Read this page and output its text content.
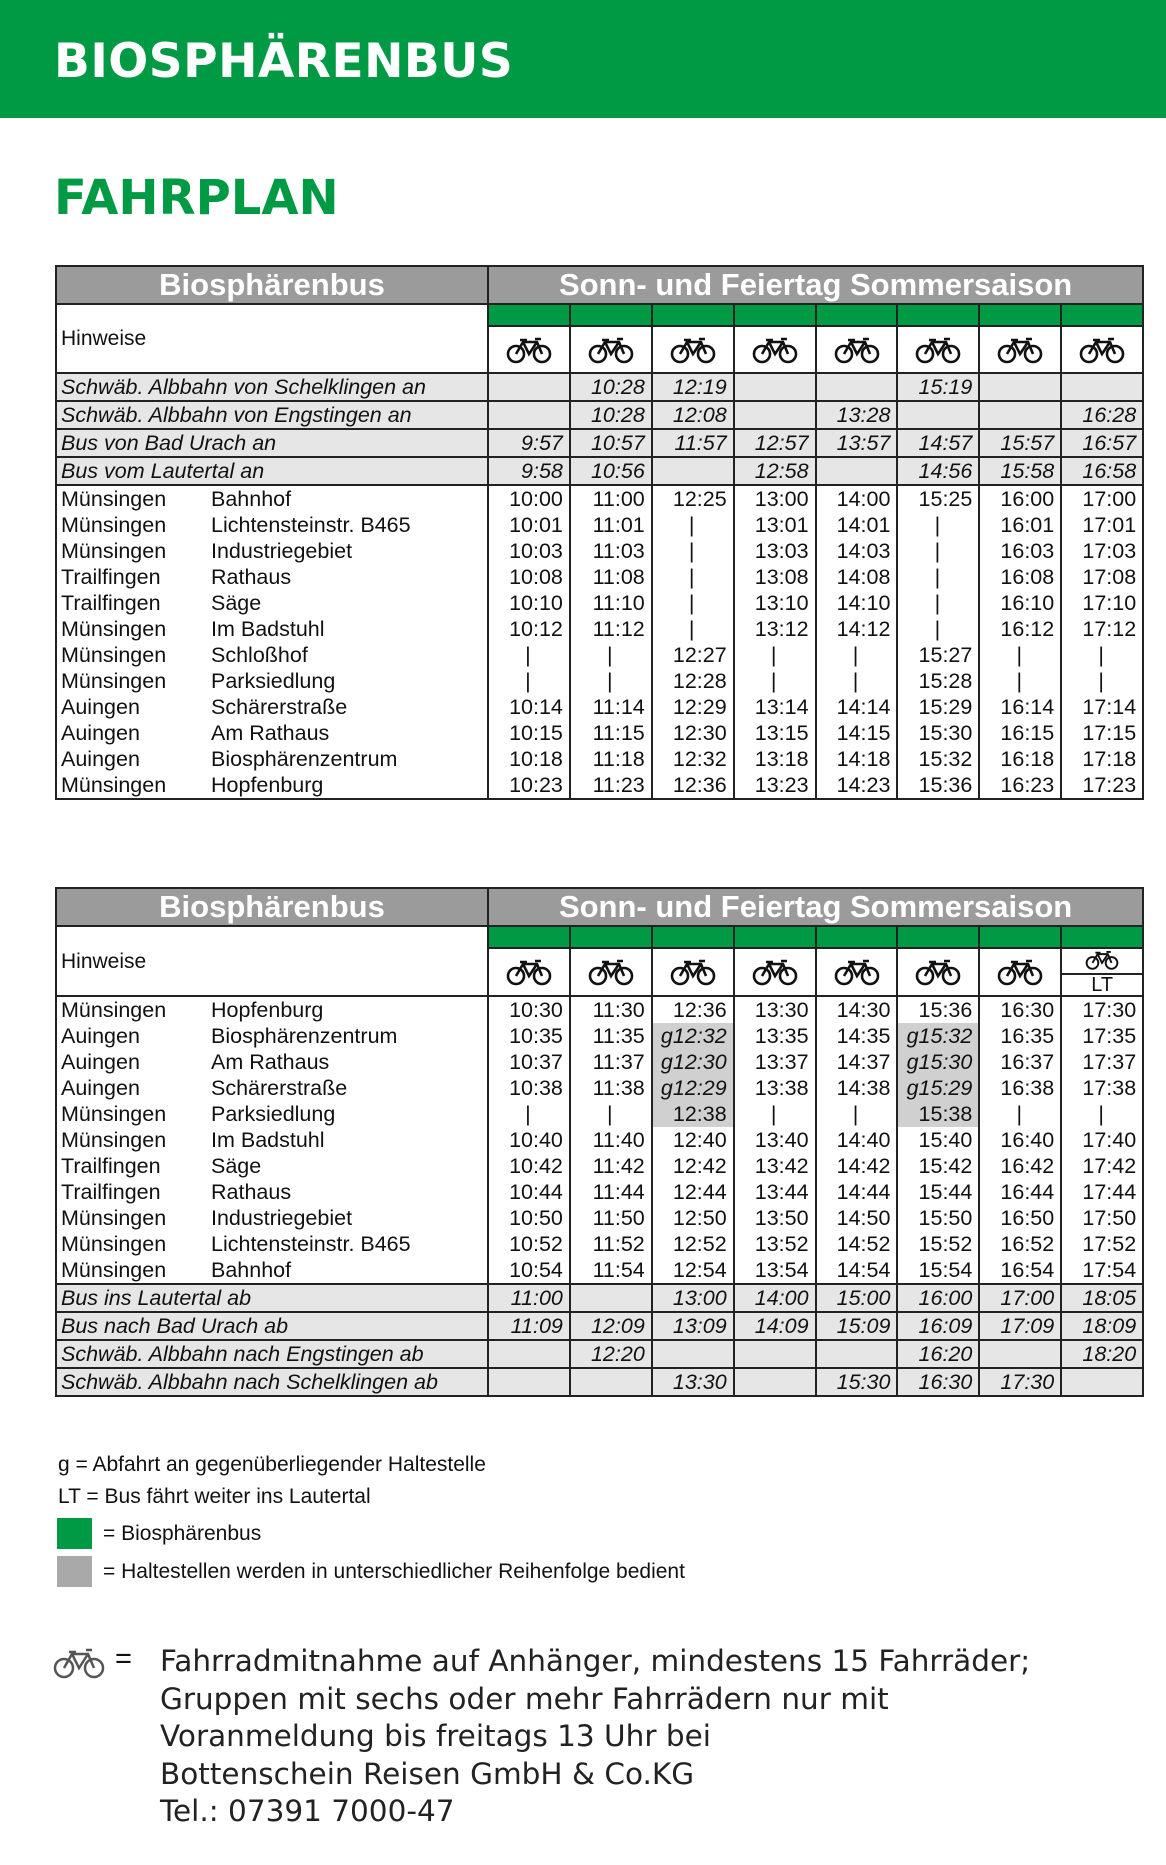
BIOSPHÄRENBUS
FAHRPLAN
Biosphärenbus	Sonn- und Feiertag Sommersaison							
Hinweise								

Schwäb. Albbahn von Schelklingen an		10:28	12:19			15:19		
Schwäb. Albbahn von Engstingen an		10:28	12:08		13:28			16:28
Bus von Bad Urach an	9:57	10:57	11:57	12:57	13:57	14:57	15:57	16:57
Bus vom Lautertal an	9:58	10:56		12:58		14:56	15:58	16:58
Münsingen Bahnhof	10:00	11:00	12:25	13:00	14:00	15:25	16:00	17:00
Münsingen Lichtensteinstr. B465	10:01	11:01	|	13:01	14:01	|	16:01	17:01
Münsingen Industriegebiet	10:03	11:03	|	13:03	14:03	|	16:03	17:03
Trailfingen Rathaus	10:08	11:08	|	13:08	14:08	|	16:08	17:08
Trailfingen Säge	10:10	11:10	|	13:10	14:10	|	16:10	17:10
Münsingen Im Badstuhl	10:12	11:12	|	13:12	14:12	|	16:12	17:12
Münsingen Schloßhof	|	|	12:27	|	|	15:27	|	|
Münsingen Parksiedlung	|	|	12:28	|	|	15:28	|	|
Auingen Schärerstraße	10:14	11:14	12:29	13:14	14:14	15:29	16:14	17:14
Auingen Am Rathaus	10:15	11:15	12:30	13:15	14:15	15:30	16:15	17:15
Auingen Biosphärenzentrum	10:18	11:18	12:32	13:18	14:18	15:32	16:18	17:18
Münsingen Hopfenburg	10:23	11:23	12:36	13:23	14:23	15:36	16:23	17:23
Biosphärenbus	Sonn- und Feiertag Sommersaison							
Hinweise								

LT

Münsingen Hopfenburg	10:30	11:30	12:36	13:30	14:30	15:36	16:30	17:30
Auingen Biosphärenzentrum	10:35	11:35	g12:32	13:35	14:35	g15:32	16:35	17:35
Auingen Am Rathaus	10:37	11:37	g12:30	13:37	14:37	g15:30	16:37	17:37
Auingen Schärerstraße	10:38	11:38	g12:29	13:38	14:38	g15:29	16:38	17:38
Münsingen Parksiedlung	|	|	12:38	|	|	15:38	|	|
Münsingen Im Badstuhl	10:40	11:40	12:40	13:40	14:40	15:40	16:40	17:40
Trailfingen Säge	10:42	11:42	12:42	13:42	14:42	15:42	16:42	17:42
Trailfingen Rathaus	10:44	11:44	12:44	13:44	14:44	15:44	16:44	17:44
Münsingen Industriegebiet	10:50	11:50	12:50	13:50	14:50	15:50	16:50	17:50
Münsingen Lichtensteinstr. B465	10:52	11:52	12:52	13:52	14:52	15:52	16:52	17:52
Münsingen Bahnhof	10:54	11:54	12:54	13:54	14:54	15:54	16:54	17:54
Bus ins Lautertal ab	11:00		13:00	14:00	15:00	16:00	17:00	18:05
Bus nach Bad Urach ab	11:09	12:09	13:09	14:09	15:09	16:09	17:09	18:09
Schwäb. Albbahn nach Engstingen ab		12:20				16:20		18:20
Schwäb. Albbahn nach Schelklingen ab			13:30		15:30	16:30	17:30	
g = Abfahrt an gegenüberliegender Haltestelle
LT = Bus fährt weiter ins Lautertal
= Biosphärenbus
= Haltestellen werden in unterschiedlicher Reihenfolge bedient
= Fahrradmitnahme auf Anhänger, mindestens 15 Fahrräder;
Gruppen mit sechs oder mehr Fahrrädern nur mit
Voranmeldung bis freitags 13 Uhr bei
Bottenschein Reisen GmbH & Co.KG
Tel.: 07391 7000-47
